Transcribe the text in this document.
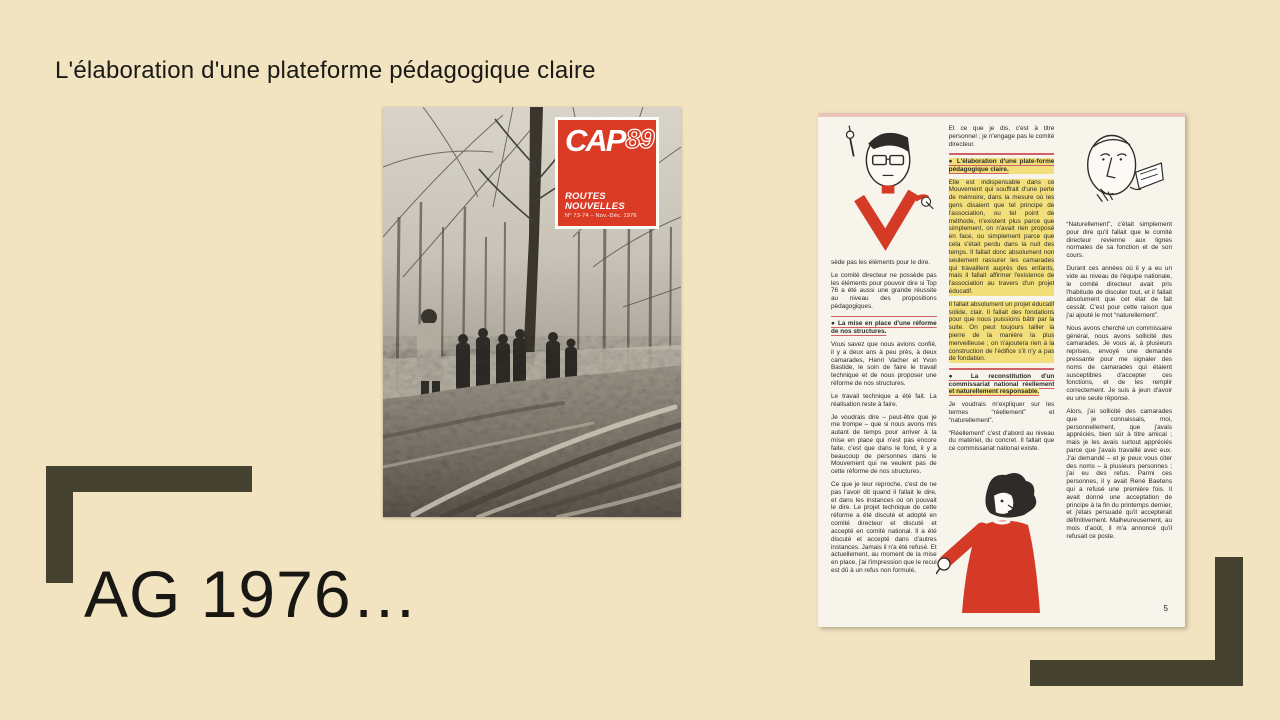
L'élaboration d'une plateforme pédagogique claire
CAP 89
ROUTES NOUVELLES
N° 73-74 – Nov.-Déc. 1976

sède pas les éléments pour le dire.

Le comité directeur ne possède pas les éléments pour pouvoir dire si Top 76 a été aussi une grande réussite au niveau des propositions pédagogiques.

● La mise en place d'une réforme de nos structures.

Vous savez que nous avions confié, il y a deux ans à peu près, à deux camarades, Henri Vacher et Yvon Bastide, le soin de faire le travail technique et de nous proposer une réforme de nos structures.

Le travail technique a été fait. La réalisation reste à faire.

Je voudrais dire – peut-être que je me trompe – que si nous avons mis autant de temps pour arriver à la mise en place qui n'est pas encore faite, c'est que dans le fond, il y a beaucoup de personnes dans le Mouvement qui ne veulent pas de cette réforme de nos structures.

Ce que je leur reproche, c'est de ne pas l'avoir dit quand il fallait le dire, et dans les instances où on pouvait le dire. Le projet technique de cette réforme a été discuté et adopté en comité directeur et discuté et accepté en comité national. Il a été discuté et accepté dans d'autres instances. Jamais il n'a été refusé. Et actuellement, au moment de la mise en place, j'ai l'impression que le recul est dû à un refus non formulé,

Et ce que je dis, c'est à titre personnel ; je n'engage pas le comité directeur.

● L'élaboration d'une plate-forme pédagogique claire.

Elle est indispensable dans ce Mouvement qui souffrait d'une perte de mémoire, dans la mesure où les gens disaient que tel principe de l'association, ou tel point de méthode, n'existent plus parce que simplement, on n'avait rien proposé en face, ou simplement parce que cela s'était perdu dans la nuit des temps. Il fallait donc absolument non seulement rassurer les camarades qui travaillent auprès des enfants, mais il fallait affirmer l'existence de l'association au travers d'un projet éducatif.

Il fallait absolument un projet éducatif solide, clair. Il fallait des fondations pour que nous puissions bâtir par la suite. On peut toujours tailler la pierre de la manière la plus merveilleuse ; on n'ajoutera rien à la construction de l'édifice s'il n'y a pas de fondation.

● La reconstitution d'un commissariat national réellement et naturellement responsable.

Je voudrais m'expliquer sur les termes “réellement” et “naturellement”.

“Réellement” c'est d'abord au niveau du matériel, du concret. Il fallait que ce commissariat national existe.

“Naturellement”, c'était simplement pour dire qu'il fallait que le comité directeur revienne aux lignes normales de sa fonction et de son cours.

Durant ces années où il y a eu un vide au niveau de l'équipe nationale, le comité directeur avait pris l'habitude de discuter tout, et il fallait absolument que cet état de fait cessât. C'est pour cette raison que j'ai ajouté le mot “naturellement”.

Nous avons cherché un commissaire général, nous avons sollicité des camarades. Je vous ai, à plusieurs reprises, envoyé une demande pressante pour me signaler des noms de camarades qui étaient susceptibles d'accepter ces fonctions, et de les remplir correctement. Je suis à jeun d'avoir eu une seule réponse.

Alors, j'ai sollicité des camarades que je connaissais, moi, personnellement, que j'avais appréciés, bien sûr à titre amical ; mais je les avais surtout appréciés parce que j'avais travaillé avec eux. J'ai demandé – et je peux vous citer des noms – à plusieurs personnes ; j'ai eu des refus. Parmi ces personnes, il y avait René Baetens qui a refusé une première fois. Il avait donné une acceptation de principe à la fin du printemps dernier, et j'étais persuadé qu'il accepterait définitivement. Malheureusement, au mois d'août, il m'a annoncé qu'il refusait ce poste.

5
AG 1976…
